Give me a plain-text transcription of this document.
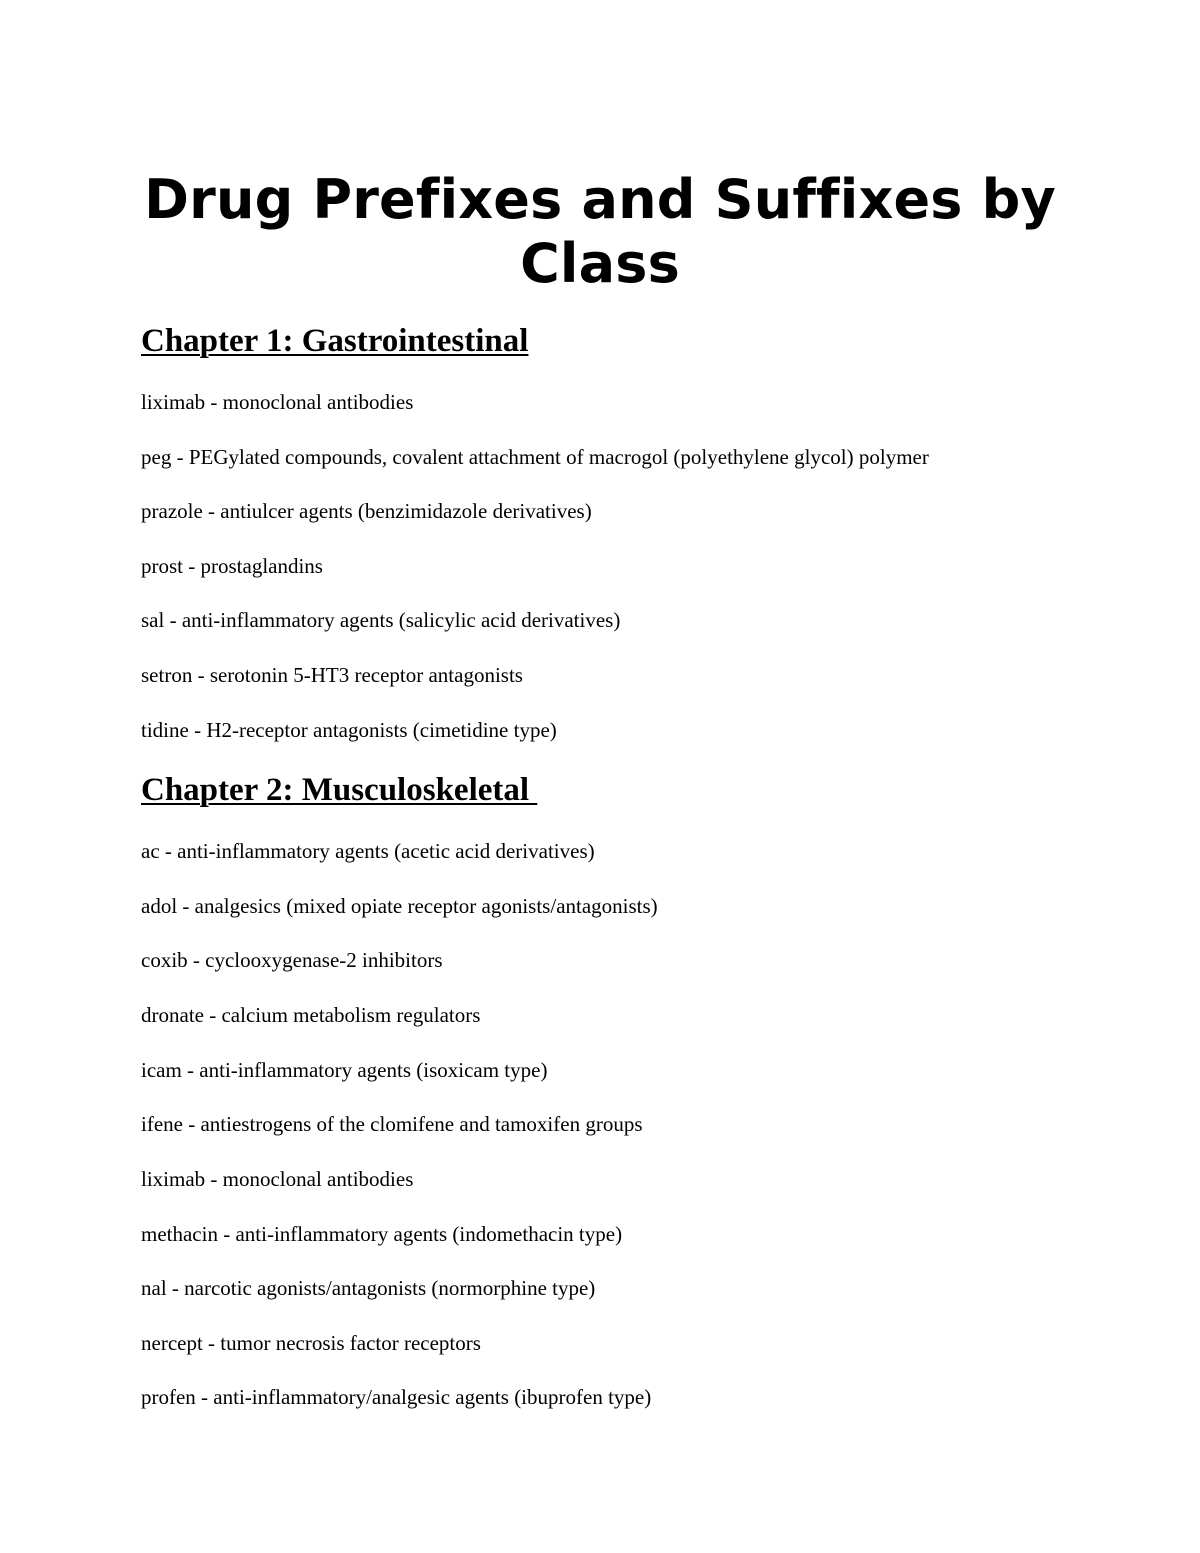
Drug Prefixes and Suffixes by Class
Chapter 1: Gastrointestinal

liximab - monoclonal antibodies

peg - PEGylated compounds, covalent attachment of macrogol (polyethylene glycol) polymer

prazole - antiulcer agents (benzimidazole derivatives)

prost - prostaglandins

sal - anti-inflammatory agents (salicylic acid derivatives)

setron - serotonin 5-HT3 receptor antagonists

tidine - H2-receptor antagonists (cimetidine type)

Chapter 2: Musculoskeletal

ac - anti-inflammatory agents (acetic acid derivatives)

adol - analgesics (mixed opiate receptor agonists/antagonists)

coxib - cyclooxygenase-2 inhibitors

dronate - calcium metabolism regulators

icam - anti-inflammatory agents (isoxicam type)

ifene - antiestrogens of the clomifene and tamoxifen groups

liximab - monoclonal antibodies

methacin - anti-inflammatory agents (indomethacin type)

nal - narcotic agonists/antagonists (normorphine type)

nercept - tumor necrosis factor receptors

profen - anti-inflammatory/analgesic agents (ibuprofen type)
